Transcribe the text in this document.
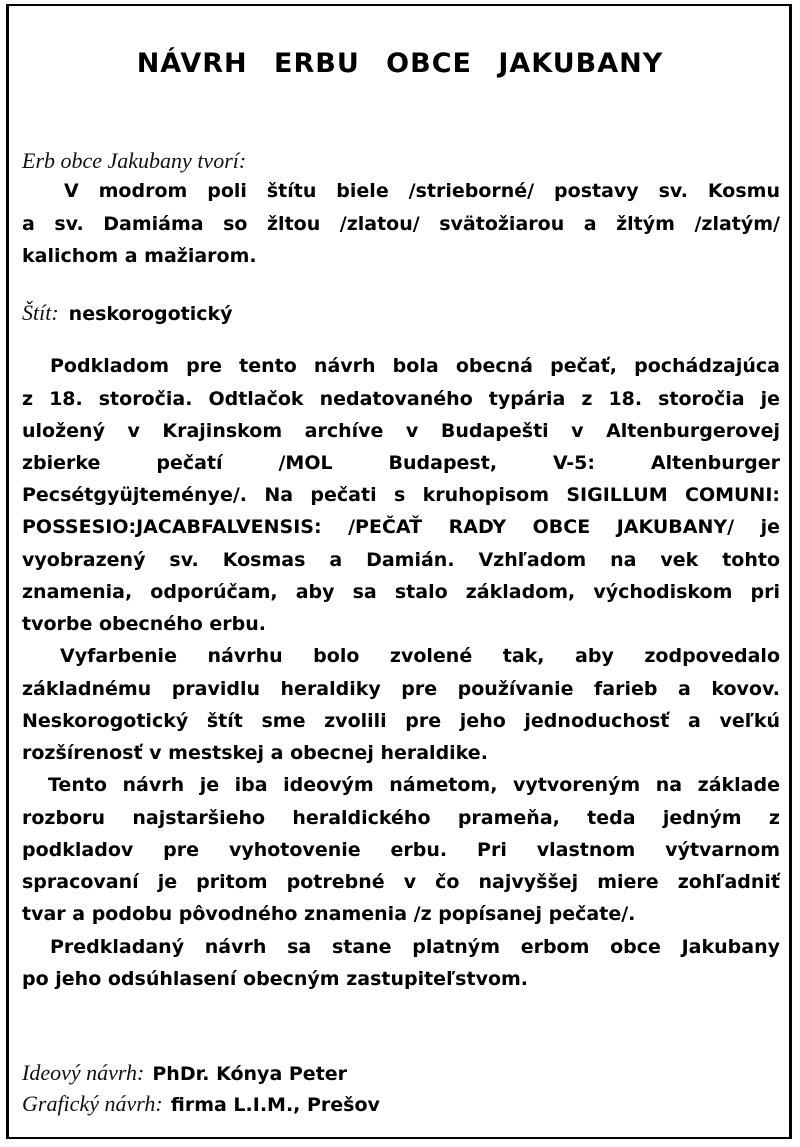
NÁVRH ERBU OBCE JAKUBANY
Erb obce Jakubany tvorí:
V modrom poli štítu biele /strieborné/ postavy sv. Kosmu
a sv. Damiáma so žltou /zlatou/ svätožiarou a žltým /zlatým/
kalichom a mažiarom.
Štít: neskorogotický
Podkladom pre tento návrh bola obecná pečať, pochádzajúca
z 18. storočia. Odtlačok nedatovaného typária z 18. storočia je
uložený v Krajinskom archíve v Budapešti v Altenburgerovej
zbierke pečatí /MOL Budapest, V-5: Altenburger
Pecsétgyüjteménye/. Na pečati s kruhopisom SIGILLUM COMUNI:
POSSESIO:JACABFALVENSIS: /PEČAŤ RADY OBCE JAKUBANY/ je
vyobrazený sv. Kosmas a Damián. Vzhľadom na vek tohto
znamenia, odporúčam, aby sa stalo základom, východiskom pri
tvorbe obecného erbu.
Vyfarbenie návrhu bolo zvolené tak, aby zodpovedalo
základnému pravidlu heraldiky pre používanie farieb a kovov.
Neskorogotický štít sme zvolili pre jeho jednoduchosť a veľkú
rozšírenosť v mestskej a obecnej heraldike.
Tento návrh je iba ideovým námetom, vytvoreným na základe
rozboru najstaršieho heraldického prameňa, teda jedným z
podkladov pre vyhotovenie erbu. Pri vlastnom výtvarnom
spracovaní je pritom potrebné v čo najvyššej miere zohľadniť
tvar a podobu pôvodného znamenia /z popísanej pečate/.
Predkladaný návrh sa stane platným erbom obce Jakubany
po jeho odsúhlasení obecným zastupiteľstvom.
Ideový návrh: PhDr. Kónya Peter
Grafický návrh: firma L.I.M., Prešov
